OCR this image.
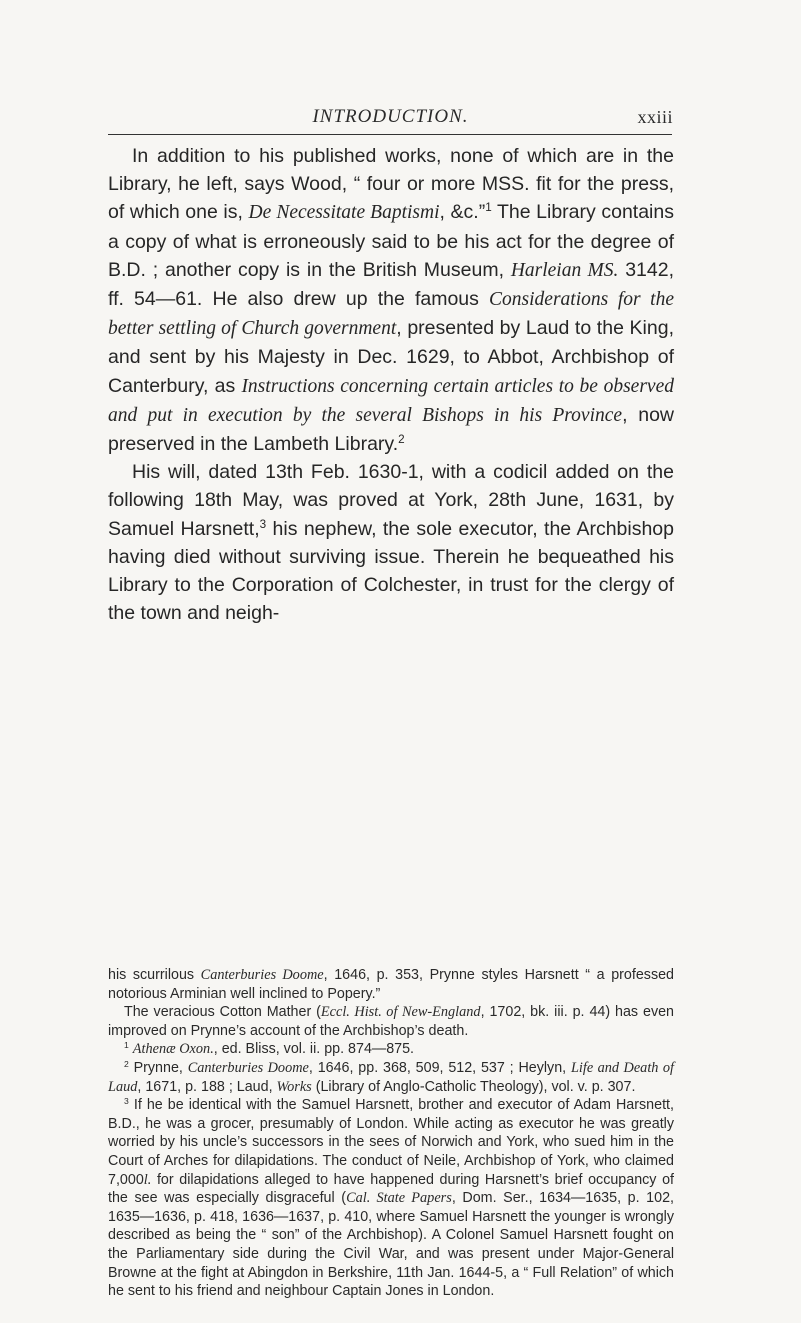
INTRODUCTION.	xxiii

In addition to his published works, none of which are in the Library, he left, says Wood, “ four or more MSS. fit for the press, of which one is, De Necessitate Baptismi, &c.”$^1$ The Library contains a copy of what is erroneously said to be his act for the degree of B.D. ; another copy is in the British Museum, Harleian MS. 3142, ff. 54—61. He also drew up the famous Considerations for the better settling of Church government, presented by Laud to the King, and sent by his Majesty in Dec. 1629, to Abbot, Archbishop of Canterbury, as Instructions concerning certain articles to be observed and put in execution by the several Bishops in his Province, now preserved in the Lambeth Library.$^2$

His will, dated 13th Feb. 1630-1, with a codicil added on the following 18th May, was proved at York, 28th June, 1631, by Samuel Harsnett,$^3$ his nephew, the sole executor, the Archbishop having died without surviving issue. Therein he bequeathed his Library to the Corporation of Colchester, in trust for the clergy of the town and neigh-

his scurrilous Canterburies Doome, 1646, p. 353, Prynne styles Harsnett “ a professed notorious Arminian well inclined to Popery.”

The veracious Cotton Mather (Eccl. Hist. of New-England, 1702, bk. iii. p. 44) has even improved on Prynne’s account of the Archbishop’s death.

$^1$ Athenæ Oxon., ed. Bliss, vol. ii. pp. 874—875.

$^2$ Prynne, Canterburies Doome, 1646, pp. 368, 509, 512, 537 ; Heylyn, Life and Death of Laud, 1671, p. 188 ; Laud, Works (Library of Anglo-Catholic Theology), vol. v. p. 307.

$^3$ If he be identical with the Samuel Harsnett, brother and executor of Adam Harsnett, B.D., he was a grocer, presumably of London. While acting as executor he was greatly worried by his uncle’s successors in the sees of Norwich and York, who sued him in the Court of Arches for dilapidations. The conduct of Neile, Archbishop of York, who claimed 7,000l. for dilapidations alleged to have happened during Harsnett’s brief occupancy of the see was especially disgraceful (Cal. State Papers, Dom. Ser., 1634—1635, p. 102, 1635—1636, p. 418, 1636—1637, p. 410, where Samuel Harsnett the younger is wrongly described as being the “ son” of the Archbishop). A Colonel Samuel Harsnett fought on the Parliamentary side during the Civil War, and was present under Major-General Browne at the fight at Abingdon in Berkshire, 11th Jan. 1644-5, a “ Full Relation” of which he sent to his friend and neighbour Captain Jones in London.
